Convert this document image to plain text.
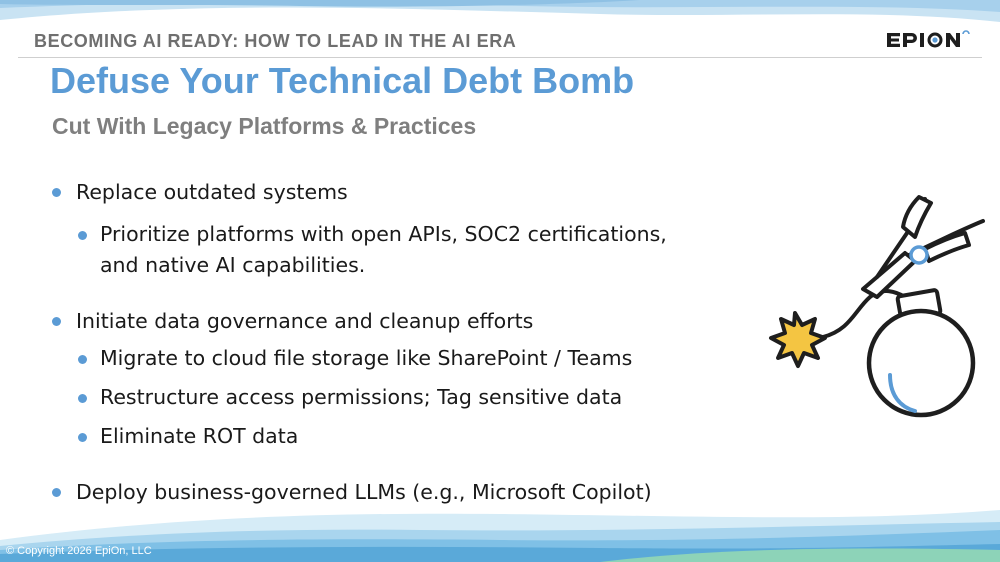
BECOMING AI READY: HOW TO LEAD IN THE AI ERA
Defuse Your Technical Debt Bomb
Cut With Legacy Platforms & Practices
Replace outdated systems
Prioritize platforms with open APIs, SOC2 certifications,
and native AI capabilities.
Initiate data governance and cleanup efforts
Migrate to cloud file storage like SharePoint / Teams
Restructure access permissions; Tag sensitive data
Eliminate ROT data
Deploy business-governed LLMs (e.g., Microsoft Copilot)
© Copyright 2026 EpiOn, LLC
